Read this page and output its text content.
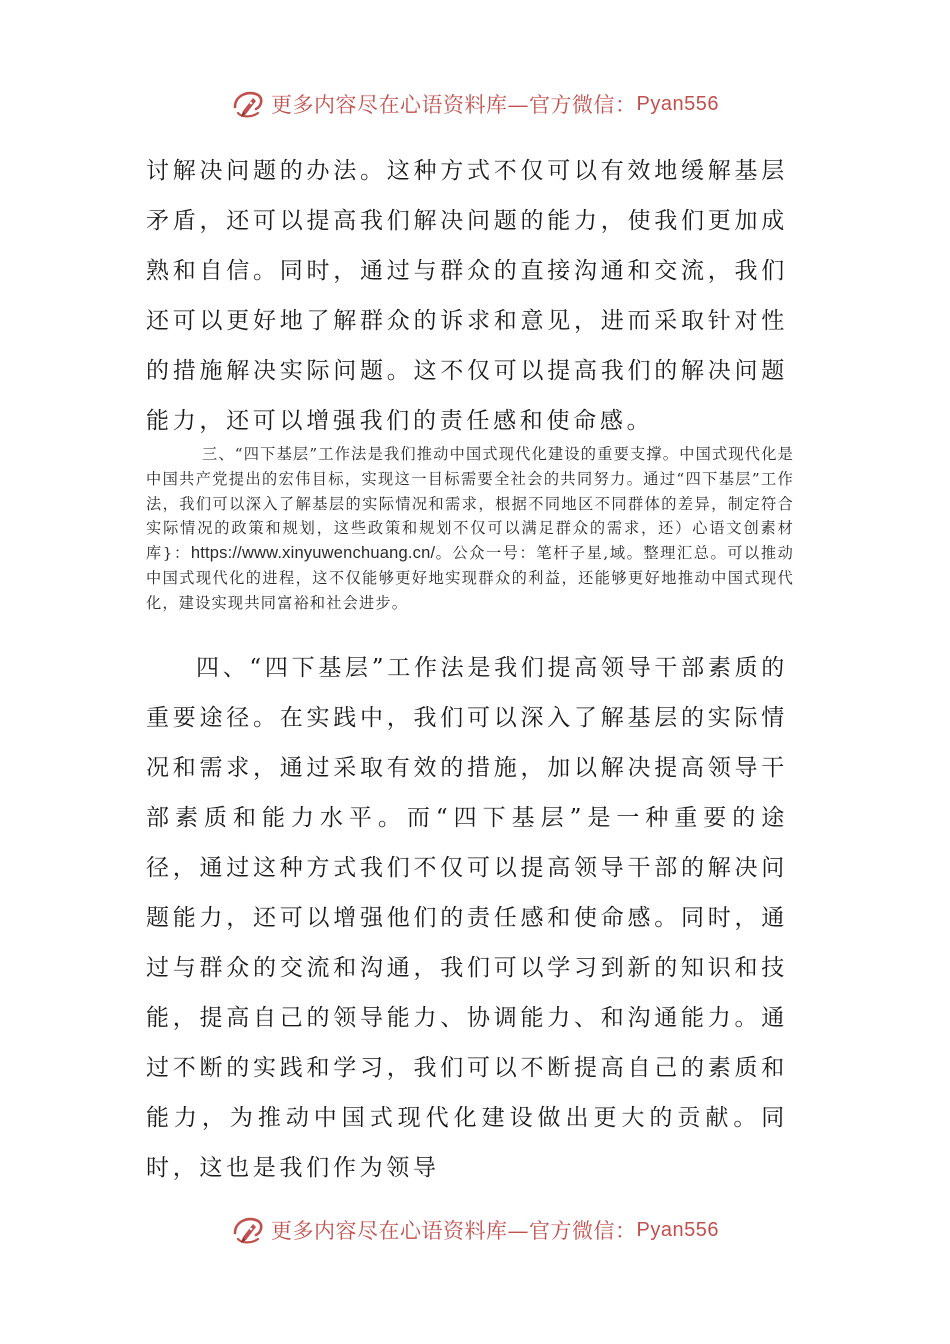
更多内容尽在心语资料库—官方微信： Pyan556

讨解决问题的办法。这种方式不仅可以有效地缓解基层矛盾，还可以提高我们解决问题的能力，使我们更加成熟和自信。同时，通过与群众的直接沟通和交流，我们还可以更好地了解群众的诉求和意见，进而采取针对性的措施解决实际问题。这不仅可以提高我们的解决问题能力，还可以增强我们的责任感和使命感。

三、“四下基层”工作法是我们推动中国式现代化建设的重要支撑。中国式现代化是中国共产党提出的宏伟目标，实现这一目标需要全社会的共同努力。通过“四下基层”工作法，我们可以深入了解基层的实际情况和需求，根据不同地区不同群体的差异，制定符合实际情况的政策和规划，这些政策和规划不仅可以满足群众的需求，还）心语文创素材库}：https://www.xinyuwenchuang.cn/。公众一号：笔杆子星,域。整理汇总。可以推动中国式现代化的进程，这不仅能够更好地实现群众的利益，还能够更好地推动中国式现代化，建设实现共同富裕和社会进步。

四、“四下基层”工作法是我们提高领导干部素质的重要途径。在实践中，我们可以深入了解基层的实际情况和需求，通过采取有效的措施，加以解决提高领导干部素质和能力水平。而“四下基层”是一种重要的途径，通过这种方式我们不仅可以提高领导干部的解决问题能力，还可以增强他们的责任感和使命感。同时，通过与群众的交流和沟通，我们可以学习到新的知识和技能，提高自己的领导能力、协调能力、和沟通能力。通过不断的实践和学习，我们可以不断提高自己的素质和能力，为推动中国式现代化建设做出更大的贡献。同时，这也是我们作为领导

更多内容尽在心语资料库—官方微信： Pyan556
